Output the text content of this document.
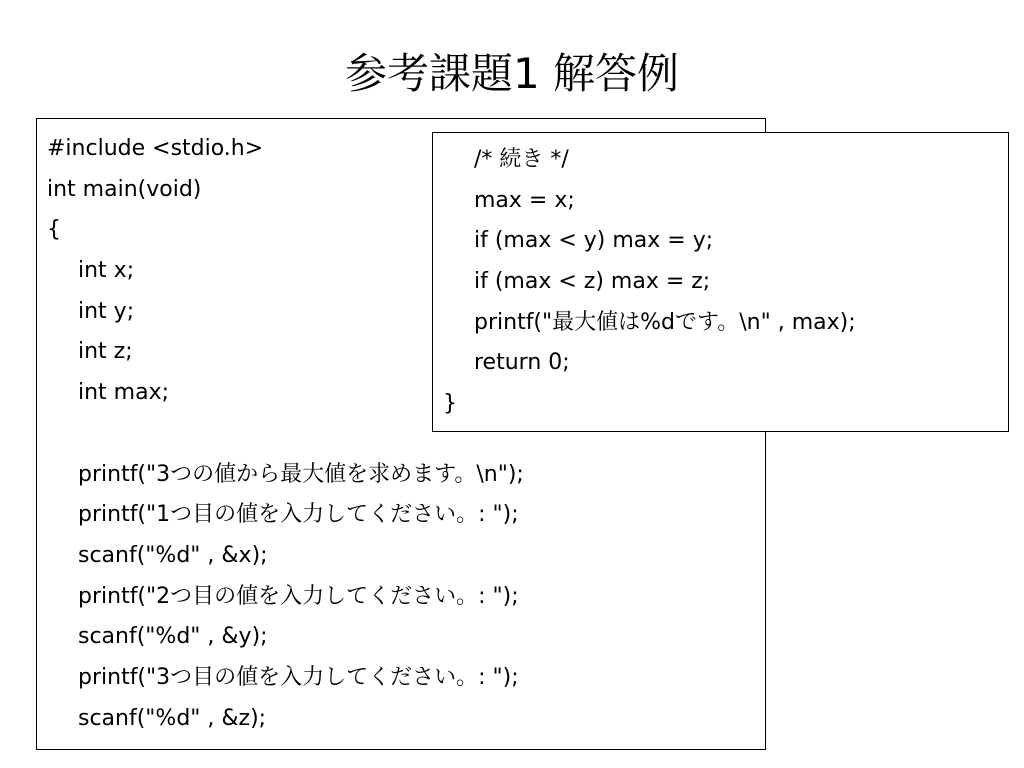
参考課題1 解答例
#include <stdio.h>
int main(void)
{
int x;
int y;
int z;
int max;
printf("3つの値から最大値を求めます。\n");
printf("1つ目の値を入力してください。: ");
scanf("%d" , &x);
printf("2つ目の値を入力してください。: ");
scanf("%d" , &y);
printf("3つ目の値を入力してください。: ");
scanf("%d" , &z);
/* 続き */
max = x;
if (max < y) max = y;
if (max < z) max = z;
printf("最大値は%dです。\n" , max);
return 0;
}
